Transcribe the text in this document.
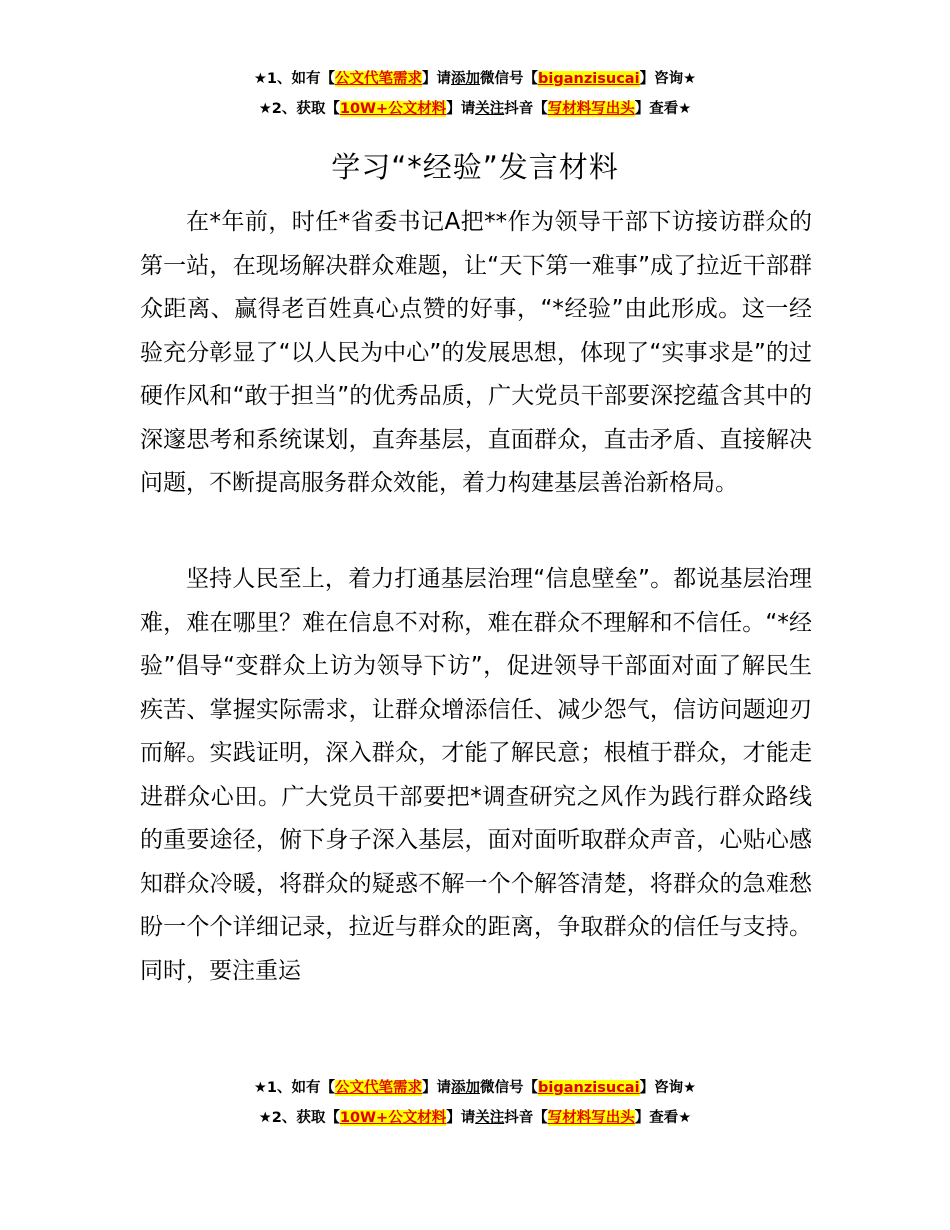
★1、如有【公文代笔需求】请添加微信号【biganzisucai】咨询★
★2、获取【10W+公文材料】请关注抖音【写材料写出头】查看★
学习“*经验”发言材料

在*年前，时任*省委书记A把**作为领导干部下访接访群众的第一站，在现场解决群众难题，让“天下第一难事”成了拉近干部群众距离、赢得老百姓真心点赞的好事，“*经验”由此形成。这一经验充分彰显了“以人民为中心”的发展思想，体现了“实事求是”的过硬作风和“敢于担当”的优秀品质，广大党员干部要深挖蕴含其中的深邃思考和系统谋划，直奔基层，直面群众，直击矛盾、直接解决问题，不断提高服务群众效能，着力构建基层善治新格局。

坚持人民至上，着力打通基层治理“信息壁垒”。都说基层治理难，难在哪里？难在信息不对称，难在群众不理解和不信任。“*经验”倡导“变群众上访为领导下访”，促进领导干部面对面了解民生疾苦、掌握实际需求，让群众增添信任、减少怨气，信访问题迎刃而解。实践证明，深入群众，才能了解民意；根植于群众，才能走进群众心田。广大党员干部要把*调查研究之风作为践行群众路线的重要途径，俯下身子深入基层，面对面听取群众声音，心贴心感知群众冷暖，将群众的疑惑不解一个个解答清楚，将群众的急难愁盼一个个详细记录，拉近与群众的距离，争取群众的信任与支持。同时，要注重运

★1、如有【公文代笔需求】请添加微信号【biganzisucai】咨询★
★2、获取【10W+公文材料】请关注抖音【写材料写出头】查看★
